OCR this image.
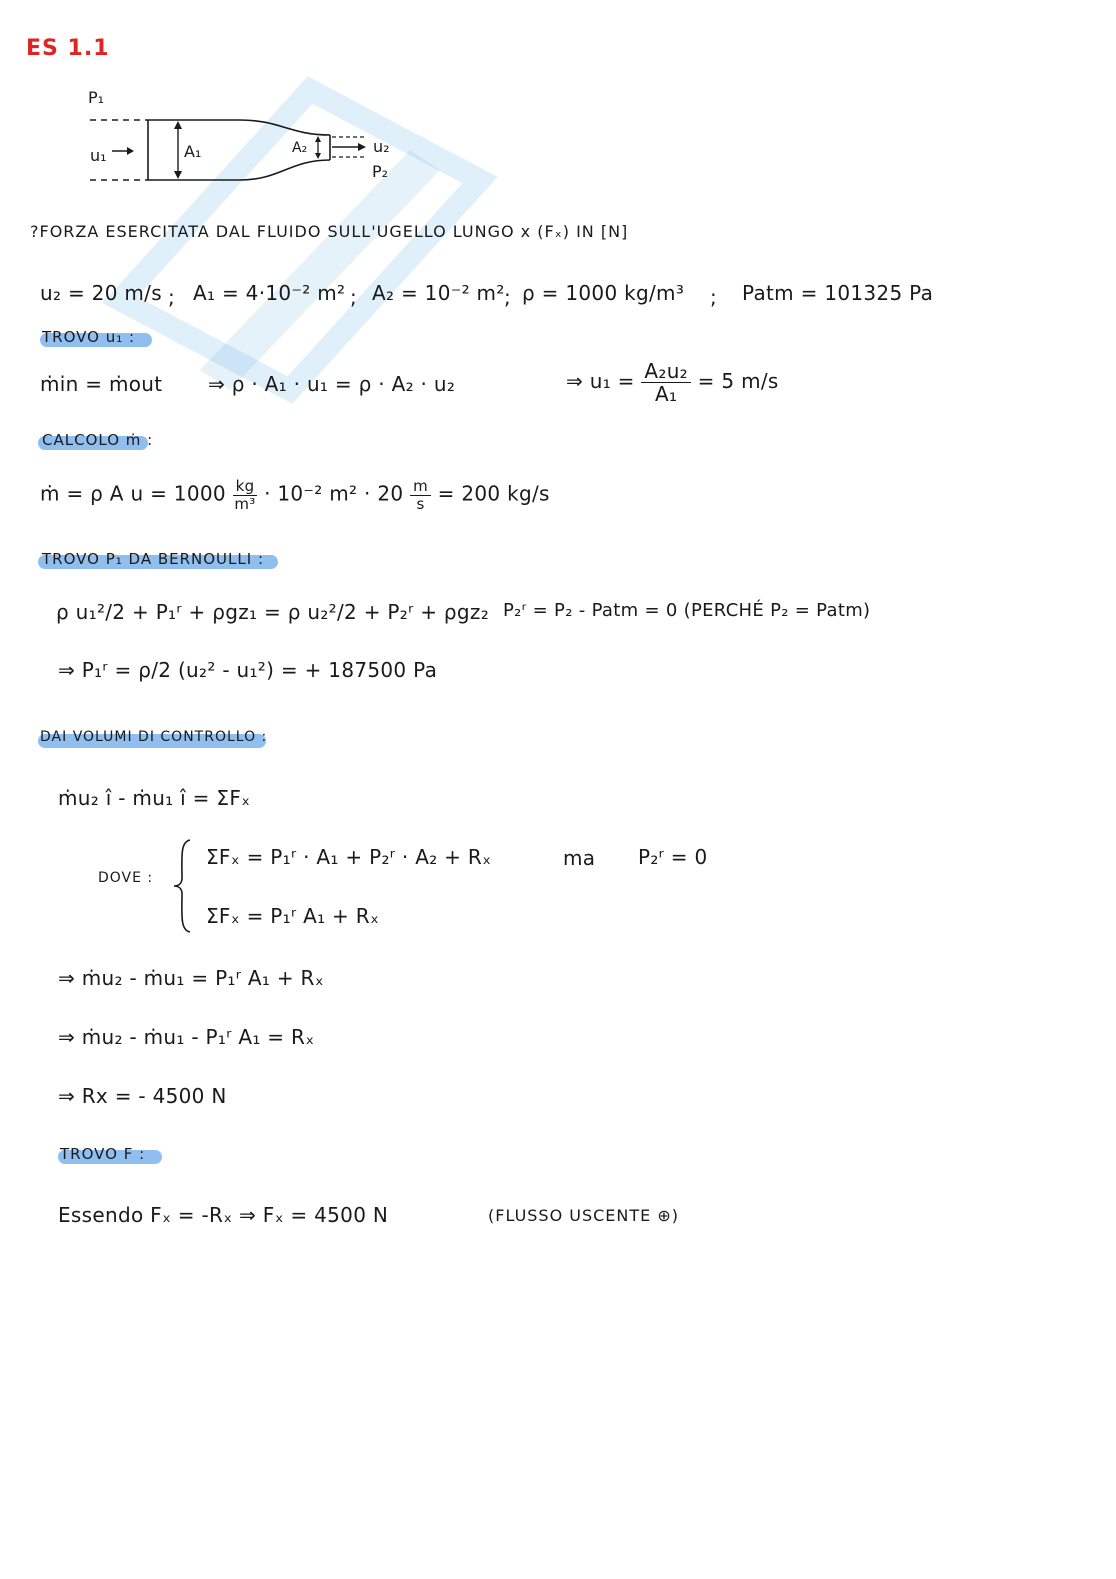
ES 1.1
P₁
u₁	A₁	A₂	u₂
P₂
?FORZA ESERCITATA DAL FLUIDO SULL'UGELLO LUNGO x (Fₓ) IN [N]
u₂ = 20 m/s ; A₁ = 4·10⁻² m² ; A₂ = 10⁻² m² ; ρ = 1000 kg/m³ ; Patm = 101325 Pa
TROVO u₁ :
ṁin = ṁout ⇒ ρ · A₁ · u₁ = ρ · A₂ · u₂	⇒ $u_1 = \frac{\text{A₂u₂}}{\text{A₁}} = 5$ m/s
CALCOLO ṁ :
ṁ = ρ A $u = 1000 \frac{kg}{\text{m³}} \cdot 10^{-2}$ $m^2 \cdot 20 \frac{m}{s} = 200$ kg/s
TROVO P₁ DA BERNOULLI :
ρ u₁²/2 + P₁ʳ + ρgz₁ = ρ u₂²/2 + P₂ʳ + ρgz₂ P₂ʳ = P₂ - Patm = 0 (PERCHÉ P₂ = Patm)
⇒ P₁ʳ = ρ/2 (u₂² - u₁²) = + 187500 Pa
DAI VOLUMI DI CONTROLLO :
ṁu₂ î - ṁu₁ î = ΣFₓ
DOVE :
ΣFₓ = P₁ʳ · A₁ + P₂ʳ · A₂ + Rₓ	ma P₂ʳ = 0
ΣFₓ = P₁ʳ A₁ + Rₓ
⇒ ṁu₂ - ṁu₁ = P₁ʳ A₁ + Rₓ
⇒ ṁu₂ - ṁu₁ - P₁ʳ A₁ = Rₓ
⇒ Rx = - 4500 N
TROVO F :
Essendo Fₓ = -Rₓ ⇒ Fₓ = 4500 N	(FLUSSO USCENTE ⊕)
